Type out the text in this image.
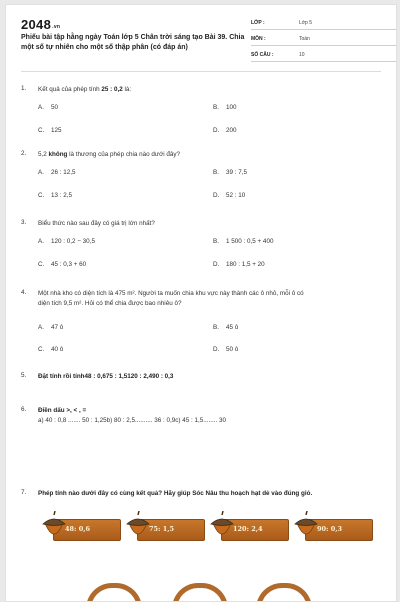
2048.vn
Phiếu bài tập hằng ngày Toán lớp 5 Chân trời sáng tạo Bài 39. Chia một số tự nhiên cho một số thập phân (có đáp án)
LỚP :	Lớp 5
MÔN :	Toán
SỐ CÂU :	10
1. Kết quả của phép tính 25 : 0,2 là:
A. 50	B. 100
C. 125	D. 200
2. 5,2 không là thương của phép chia nào dưới đây?
A. 26 : 12,5	B. 39 : 7,5
C. 13 : 2,5	D. 52 : 10
3. Biểu thức nào sau đây có giá trị lớn nhất?
A. 120 : 0,2 − 30,5	B. 1 500 : 0,5 + 400
C. 45 : 0,3 + 60	D. 180 : 1,5 + 20
4. Một nhà kho có diện tích là 475 m². Người ta muốn chia khu vực này thành các ô nhỏ, mỗi ô có
diện tích 9,5 m². Hỏi có thể chia được bao nhiêu ô?
A. 47 ô	B. 45 ô
C. 40 ô	D. 50 ô
5. Đặt tính rồi tính48 : 0,675 : 1,5120 : 2,490 : 0,3
6. Điền dấu >, < , =
a) 40 : 0,8 ....... 50 : 1,25b) 80 : 2,5.......... 36 : 0,9c) 45 : 1,5........ 30
7. Phép tính nào dưới đây có cùng kết quả? Hãy giúp Sóc Nâu thu hoạch hạt dẻ vào đúng giỏ.
48: 0,6	75: 1,5	120: 2,4	90: 0,3
